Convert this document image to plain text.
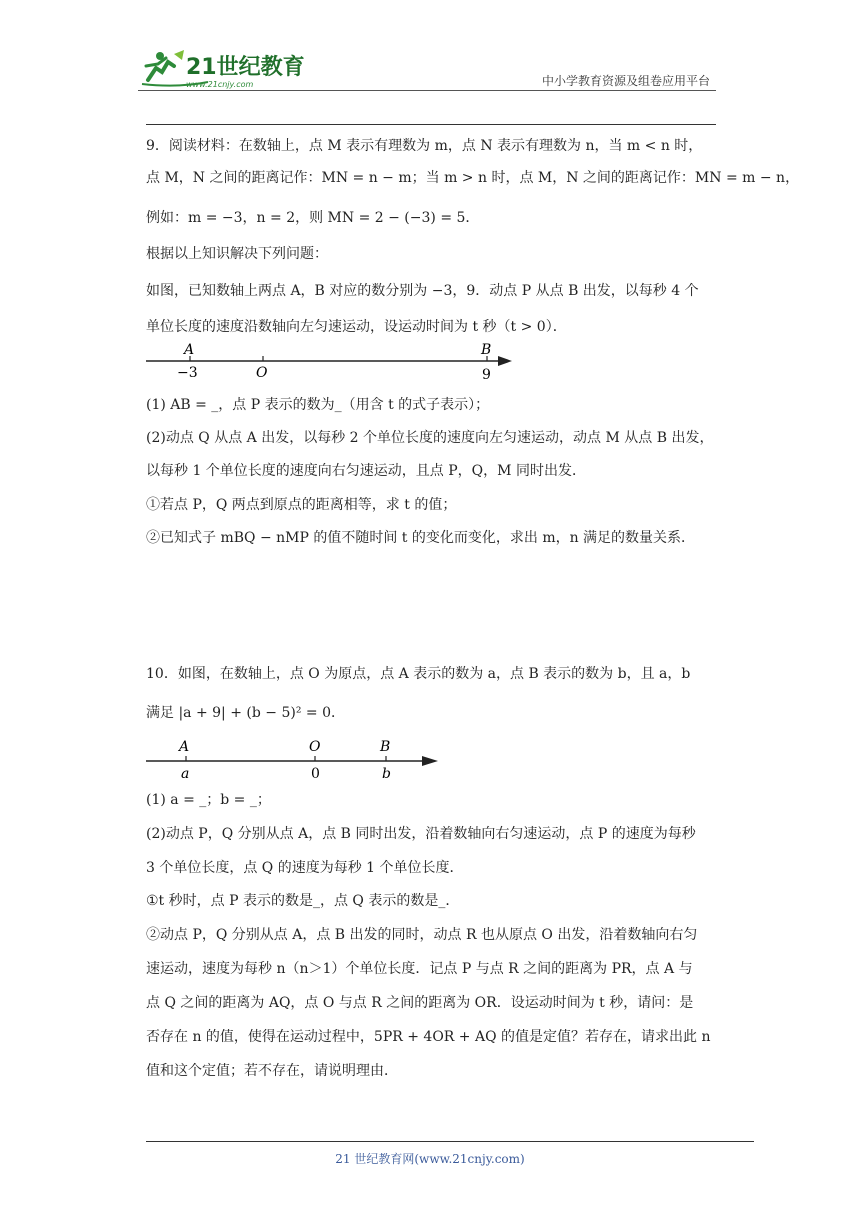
21世纪教育
www.21cnjy.com	中小学教育资源及组卷应用平台
9．阅读材料：在数轴上，点 M 表示有理数为 m，点 N 表示有理数为 n，当 m < n 时，
点 M，N 之间的距离记作：MN = n − m；当 m > n 时，点 M，N 之间的距离记作：MN = m − n，
例如：m = −3，n = 2，则 MN = 2 − (−3) = 5．
根据以上知识解决下列问题：
如图，已知数轴上两点 A，B 对应的数分别为 −3，9．动点 P 从点 B 出发，以每秒 4 个
单位长度的速度沿数轴向左匀速运动，设运动时间为 t 秒（t > 0）．
A
−3	O
B
9
(1) AB = _，点 P 表示的数为_（用含 t 的式子表示）；
(2)动点 Q 从点 A 出发，以每秒 2 个单位长度的速度向左匀速运动，动点 M 从点 B 出发，
以每秒 1 个单位长度的速度向右匀速运动，且点 P，Q，M 同时出发．
①若点 P，Q 两点到原点的距离相等，求 t 的值；
②已知式子 mBQ − nMP 的值不随时间 t 的变化而变化，求出 m，n 满足的数量关系．
10．如图，在数轴上，点 O 为原点，点 A 表示的数为 a，点 B 表示的数为 b，且 a，b
满足 |a + 9| + (b − 5)² = 0．
A
a
O
0
B
b
(1) a = _；b = _；
(2)动点 P，Q 分别从点 A，点 B 同时出发，沿着数轴向右匀速运动，点 P 的速度为每秒
3 个单位长度，点 Q 的速度为每秒 1 个单位长度．
①t 秒时，点 P 表示的数是_，点 Q 表示的数是_．
②动点 P，Q 分别从点 A，点 B 出发的同时，动点 R 也从原点 O 出发，沿着数轴向右匀
速运动，速度为每秒 n（n＞1）个单位长度．记点 P 与点 R 之间的距离为 PR，点 A 与
点 Q 之间的距离为 AQ，点 O 与点 R 之间的距离为 OR．设运动时间为 t 秒，请问：是
否存在 n 的值，使得在运动过程中，5PR + 4OR + AQ 的值是定值？若存在，请求出此 n
值和这个定值；若不存在，请说明理由．
21 世纪教育网(www.21cnjy.com)
